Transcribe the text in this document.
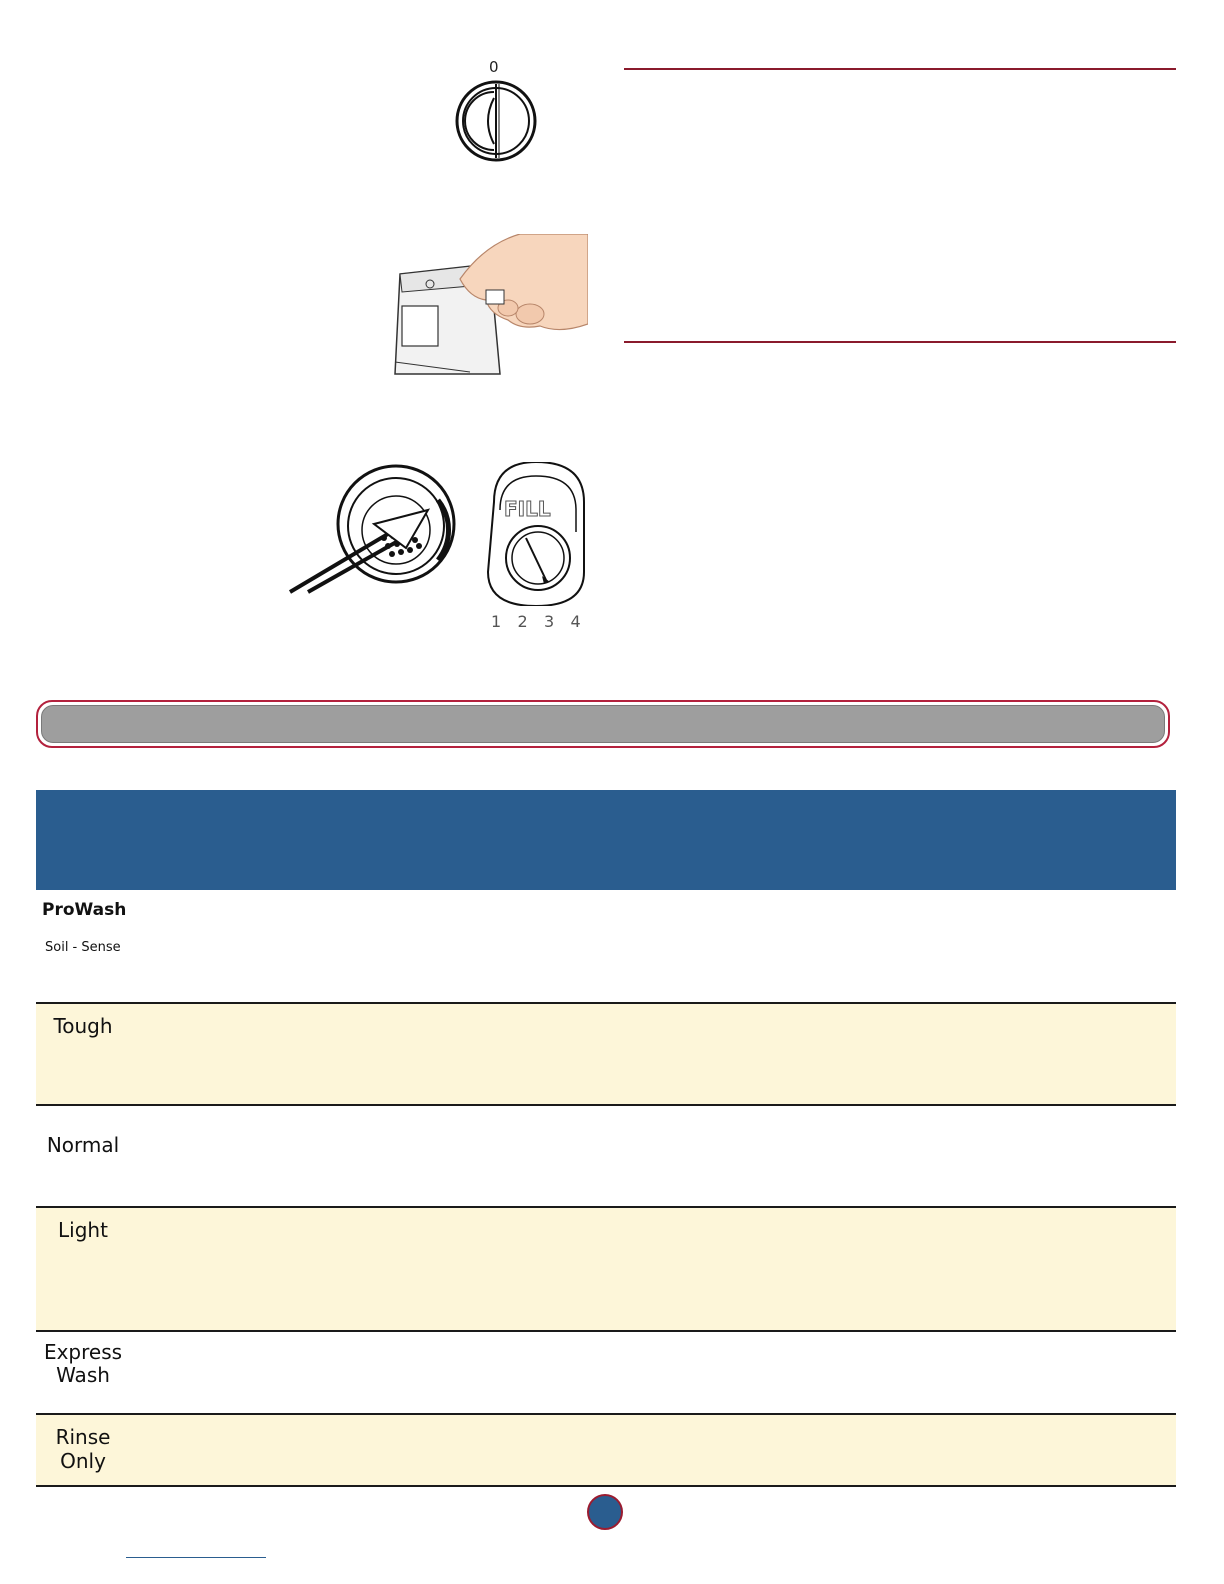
0
FILL
1 2 3 4
ProWash
Soil - Sense
Tough
Normal
Light
Express
Wash
Rinse
Only
